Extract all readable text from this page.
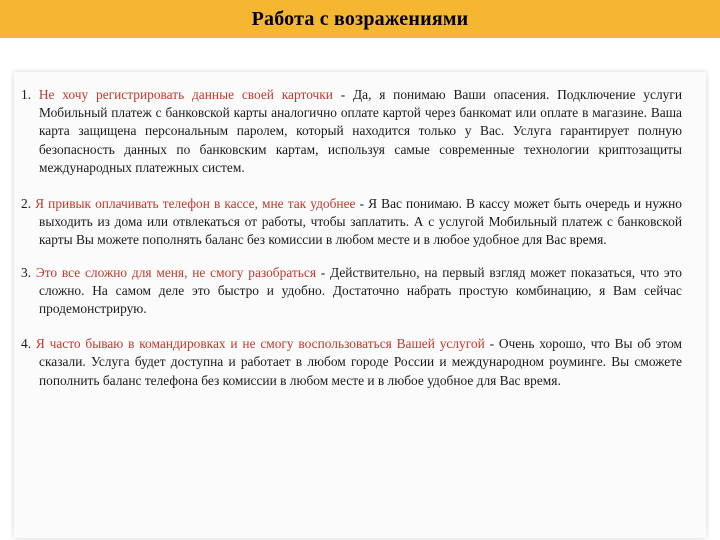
Работа с возражениями

1. Не хочу регистрировать данные своей карточки - Да, я понимаю Ваши опасения. Подключение услуги Мобильный платеж с банковской карты аналогично оплате картой через банкомат или оплате в магазине. Ваша карта защищена персональным паролем, который находится только у Вас. Услуга гарантирует полную безопасность данных по банковским картам, используя самые современные технологии криптозащиты международных платежных систем.

2. Я привык оплачивать телефон в кассе, мне так удобнее - Я Вас понимаю. В кассу может быть очередь и нужно выходить из дома или отвлекаться от работы, чтобы заплатить. А с услугой Мобильный платеж с банковской карты Вы можете пополнять баланс без комиссии в любом месте и в любое удобное для Вас время.

3. Это все сложно для меня, не смогу разобраться - Действительно, на первый взгляд может показаться, что это сложно. На самом деле это быстро и удобно. Достаточно набрать простую комбинацию, я Вам сейчас продемонстрирую.

4. Я часто бываю в командировках и не смогу воспользоваться Вашей услугой - Очень хорошо, что Вы об этом сказали. Услуга будет доступна и работает в любом городе России и международном роуминге. Вы сможете пополнить баланс телефона без комиссии в любом месте и в любое удобное для Вас время.
